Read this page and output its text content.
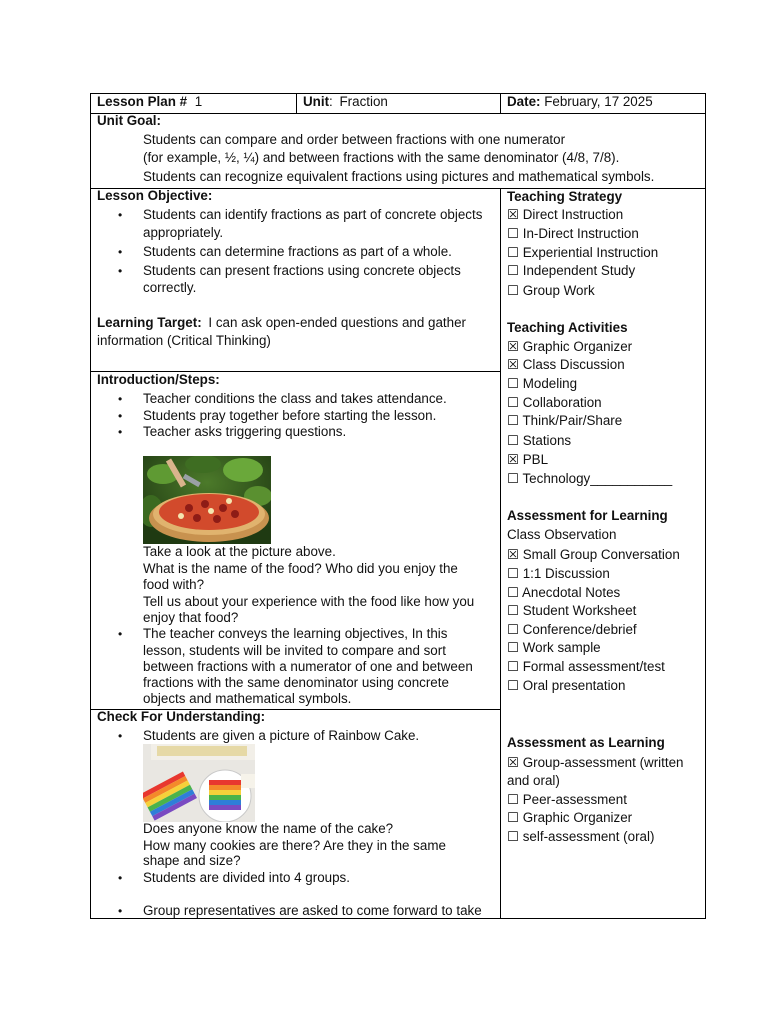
Lesson Plan # 1	Unit: Fraction	Date: February, 17 2025
Unit Goal:
Students can compare and order between fractions with one numerator
(for example, ½, ¼) and between fractions with the same denominator (4/8, 7/8).
Students can recognize equivalent fractions using pictures and mathematical symbols.
Lesson Objective:
• Students can identify fractions as part of concrete objects
appropriately.
• Students can determine fractions as part of a whole.
• Students can present fractions using concrete objects
correctly.
Learning Target: I can ask open-ended questions and gather
information (Critical Thinking)
Introduction/Steps:
• Teacher conditions the class and takes attendance.
• Students pray together before starting the lesson.
• Teacher asks triggering questions.
Take a look at the picture above.
What is the name of the food? Who did you enjoy the
food with?
Tell us about your experience with the food like how you
enjoy that food?
• The teacher conveys the learning objectives, In this
lesson, students will be invited to compare and sort
between fractions with a numerator of one and between
fractions with the same denominator using concrete
objects and mathematical symbols.
Check For Understanding:
• Students are given a picture of Rainbow Cake.
Does anyone know the name of the cake?
How many cookies are there? Are they in the same
shape and size?
• Students are divided into 4 groups.
• Group representatives are asked to come forward to take
Teaching Strategy
☒ Direct Instruction
☐ In-Direct Instruction
☐ Experiential Instruction
☐ Independent Study
☐ Group Work
Teaching Activities
☒ Graphic Organizer
☒ Class Discussion
☐ Modeling
☐ Collaboration
☐ Think/Pair/Share
☐ Stations
☒ PBL
☐ Technology___________
Assessment for Learning
Class Observation
☒ Small Group Conversation
☐ 1:1 Discussion
☐ Anecdotal Notes
☐ Student Worksheet
☐ Conference/debrief
☐ Work sample
☐ Formal assessment/test
☐ Oral presentation
Assessment as Learning
☒ Group-assessment (written
and oral)
☐ Peer-assessment
☐ Graphic Organizer
☐ self-assessment (oral)
